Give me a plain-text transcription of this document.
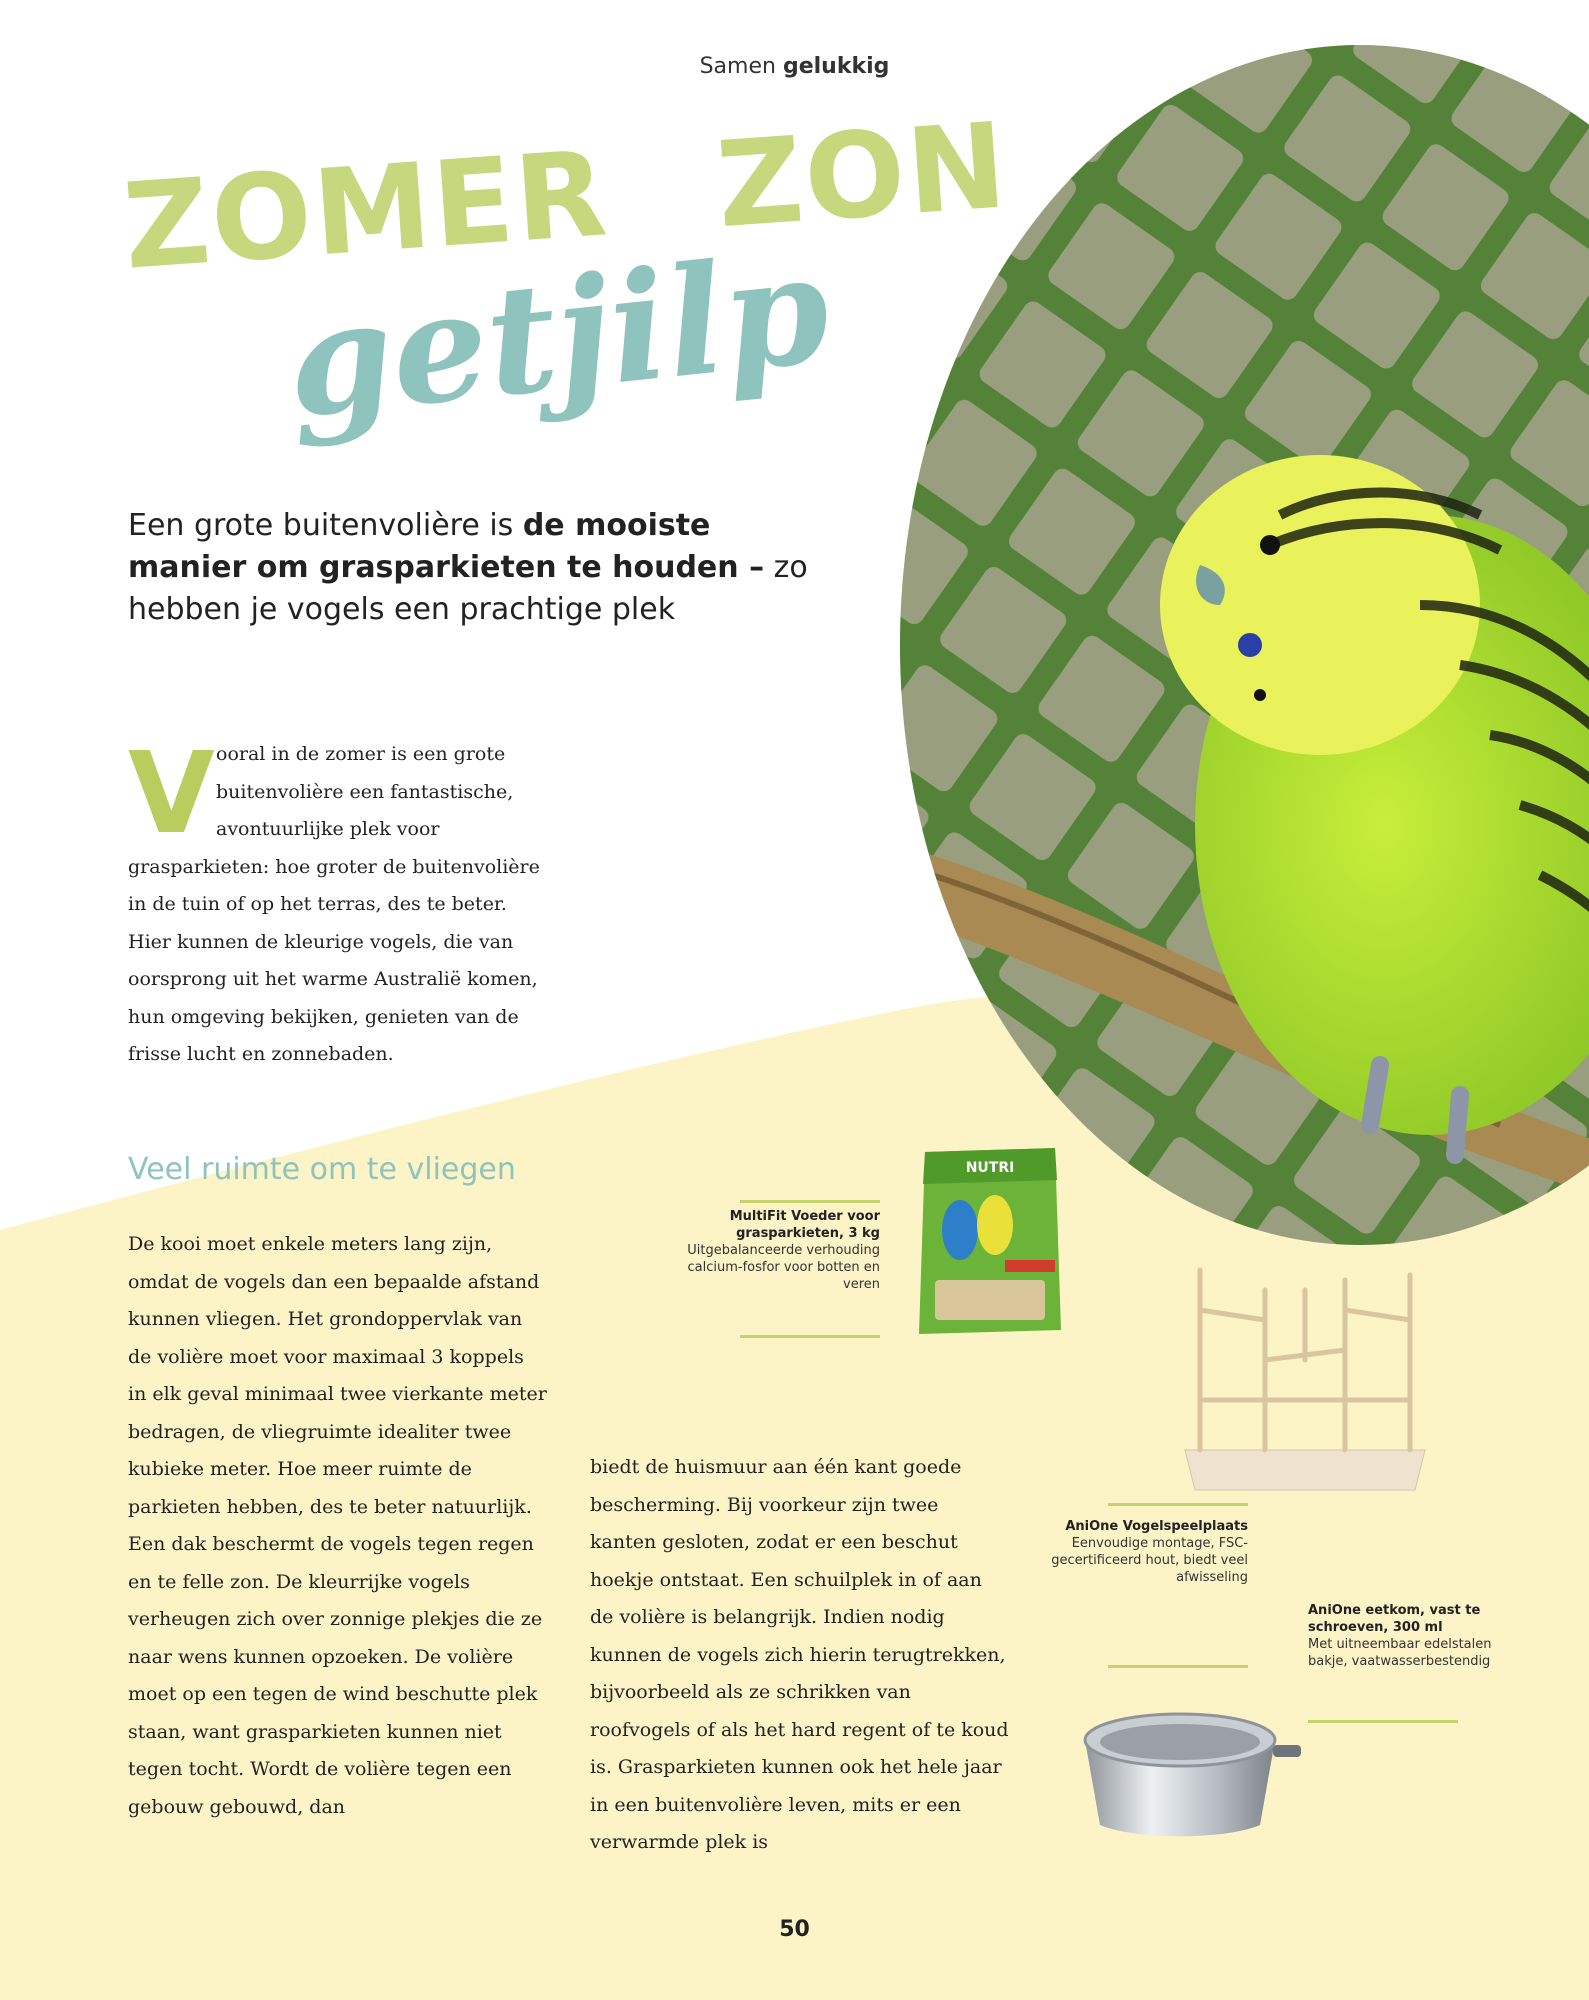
Samen gelukkig
ZOMER ZON
getjilp
Een grote buitenvolière is de mooiste manier om grasparkieten te houden – zo hebben je vogels een prachtige plek
V ooral in de zomer is een grote buitenvolière een fantastische, avontuurlijke plek voor grasparkieten: hoe groter de buitenvolière in de tuin of op het terras, des te beter. Hier kunnen de kleurige vogels, die van oorsprong uit het warme Australië komen, hun omgeving bekijken, genieten van de frisse lucht en zonnebaden.
Veel ruimte om te vliegen
De kooi moet enkele meters lang zijn, omdat de vogels dan een bepaalde afstand kunnen vliegen. Het grondoppervlak van de volière moet voor maximaal 3 koppels in elk geval minimaal twee vierkante meter bedragen, de vliegruimte idealiter twee kubieke meter. Hoe meer ruimte de parkieten hebben, des te beter natuurlijk. Een dak beschermt de vogels tegen regen en te felle zon. De kleurrijke vogels verheugen zich over zonnige plekjes die ze naar wens kunnen opzoeken. De volière moet op een tegen de wind beschutte plek staan, want grasparkieten kunnen niet tegen tocht. Wordt de volière tegen een gebouw gebouwd, dan
biedt de huismuur aan één kant goede bescherming. Bij voorkeur zijn twee kanten gesloten, zodat er een beschut hoekje ontstaat. Een schuilplek in of aan de volière is belangrijk. Indien nodig kunnen de vogels zich hierin terugtrekken, bijvoorbeeld als ze schrikken van roofvogels of als het hard regent of te koud is. Grasparkieten kunnen ook het hele jaar in een buitenvolière leven, mits er een verwarmde plek is
MultiFit Voeder voor grasparkieten, 3 kg
Uitgebalanceerde verhouding calcium-fosfor voor botten en veren
NUTRI
AniOne Vogelspeelplaats
Eenvoudige montage, FSC-gecertificeerd hout, biedt veel afwisseling
AniOne eetkom, vast te schroeven, 300 ml
Met uitneembaar edelstalen bakje, vaatwasserbestendig
50
